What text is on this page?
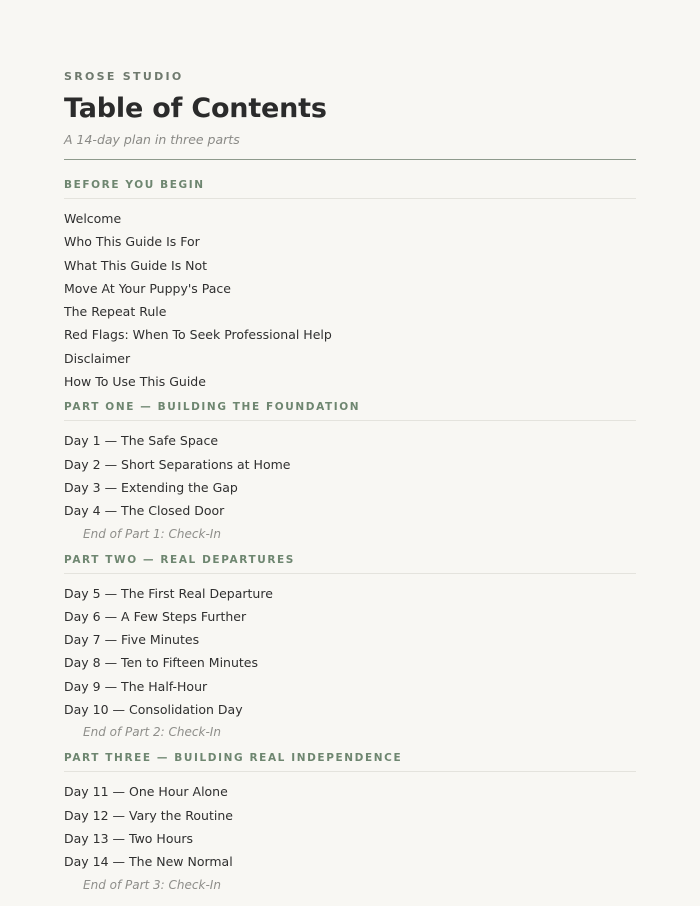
SROSE STUDIO
Table of Contents
A 14-day plan in three parts
BEFORE YOU BEGIN
Welcome
Who This Guide Is For
What This Guide Is Not
Move At Your Puppy's Pace
The Repeat Rule
Red Flags: When To Seek Professional Help
Disclaimer
How To Use This Guide
PART ONE — BUILDING THE FOUNDATION
Day 1 — The Safe Space
Day 2 — Short Separations at Home
Day 3 — Extending the Gap
Day 4 — The Closed Door
End of Part 1: Check-In
PART TWO — REAL DEPARTURES
Day 5 — The First Real Departure
Day 6 — A Few Steps Further
Day 7 — Five Minutes
Day 8 — Ten to Fifteen Minutes
Day 9 — The Half-Hour
Day 10 — Consolidation Day
End of Part 2: Check-In
PART THREE — BUILDING REAL INDEPENDENCE
Day 11 — One Hour Alone
Day 12 — Vary the Routine
Day 13 — Two Hours
Day 14 — The New Normal
End of Part 3: Check-In
